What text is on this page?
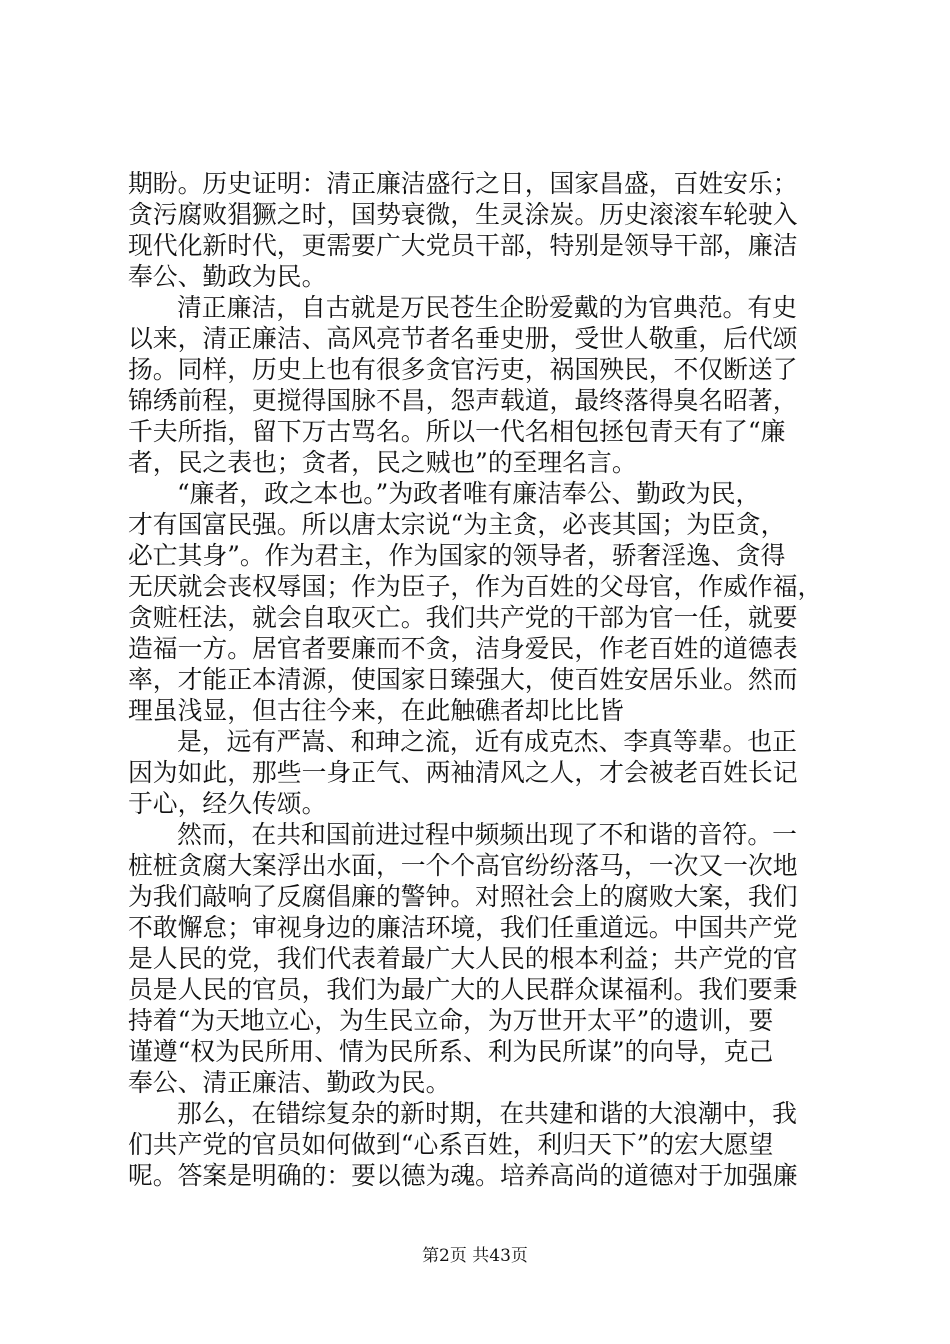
期盼。历史证明：清正廉洁盛行之日，国家昌盛，百姓安乐；
贪污腐败猖獗之时，国势衰微，生灵涂炭。历史滚滚车轮驶入
现代化新时代，更需要广大党员干部，特别是领导干部，廉洁
奉公、勤政为民。
清正廉洁，自古就是万民苍生企盼爱戴的为官典范。有史
以来，清正廉洁、高风亮节者名垂史册，受世人敬重，后代颂
扬。同样，历史上也有很多贪官污吏，祸国殃民，不仅断送了
锦绣前程，更搅得国脉不昌，怨声载道，最终落得臭名昭著，
千夫所指，留下万古骂名。所以一代名相包拯包青天有了“廉
者，民之表也；贪者，民之贼也”的至理名言。
“廉者，政之本也。”为政者唯有廉洁奉公、勤政为民，
才有国富民强。所以唐太宗说“为主贪，必丧其国；为臣贪，
必亡其身”。作为君主，作为国家的领导者，骄奢淫逸、贪得
无厌就会丧权辱国；作为臣子，作为百姓的父母官，作威作福，
贪赃枉法，就会自取灭亡。我们共产党的干部为官一任，就要
造福一方。居官者要廉而不贪，洁身爱民，作老百姓的道德表
率，才能正本清源，使国家日臻强大，使百姓安居乐业。然而
理虽浅显，但古往今来，在此触礁者却比比皆
是，远有严嵩、和珅之流，近有成克杰、李真等辈。也正
因为如此，那些一身正气、两袖清风之人，才会被老百姓长记
于心，经久传颂。
然而，在共和国前进过程中频频出现了不和谐的音符。一
桩桩贪腐大案浮出水面，一个个高官纷纷落马，一次又一次地
为我们敲响了反腐倡廉的警钟。对照社会上的腐败大案，我们
不敢懈怠；审视身边的廉洁环境，我们任重道远。中国共产党
是人民的党，我们代表着最广大人民的根本利益；共产党的官
员是人民的官员，我们为最广大的人民群众谋福利。我们要秉
持着“为天地立心，为生民立命，为万世开太平”的遗训，要
谨遵“权为民所用、情为民所系、利为民所谋”的向导，克己
奉公、清正廉洁、勤政为民。
那么，在错综复杂的新时期，在共建和谐的大浪潮中，我
们共产党的官员如何做到“心系百姓，利归天下”的宏大愿望
呢。答案是明确的：要以德为魂。培养高尚的道德对于加强廉
第2页 共43页
